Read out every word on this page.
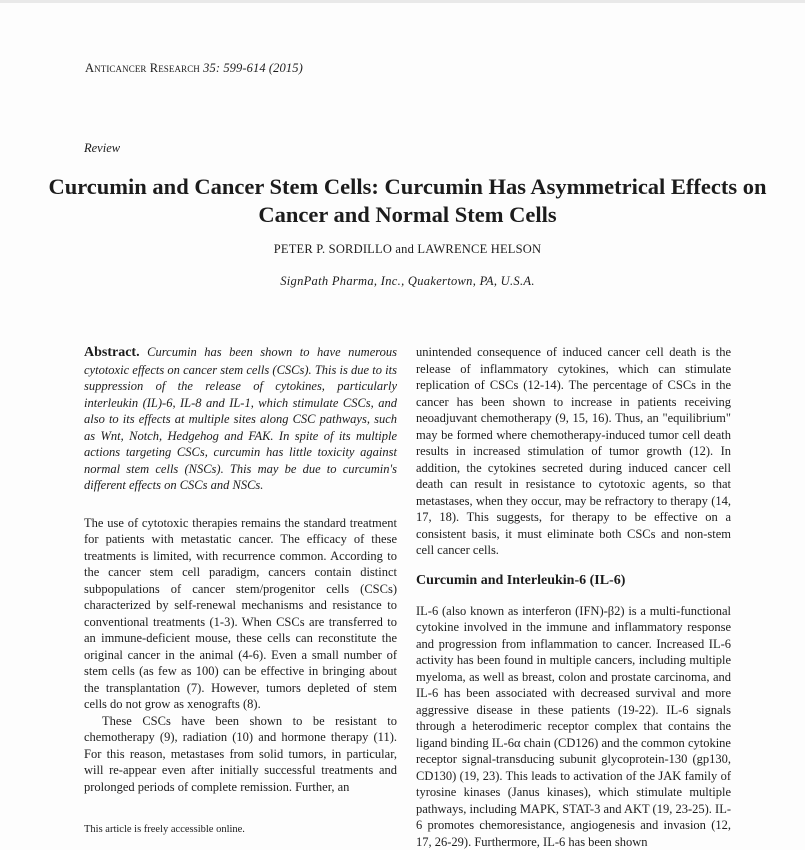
Anticancer Research 35: 599-614 (2015)
Review
Curcumin and Cancer Stem Cells: Curcumin Has Asymmetrical Effects on Cancer and Normal Stem Cells
PETER P. SORDILLO and LAWRENCE HELSON
SignPath Pharma, Inc., Quakertown, PA, U.S.A.
Abstract. Curcumin has been shown to have numerous cytotoxic effects on cancer stem cells (CSCs). This is due to its suppression of the release of cytokines, particularly interleukin (IL)-6, IL-8 and IL-1, which stimulate CSCs, and also to its effects at multiple sites along CSC pathways, such as Wnt, Notch, Hedgehog and FAK. In spite of its multiple actions targeting CSCs, curcumin has little toxicity against normal stem cells (NSCs). This may be due to curcumin's different effects on CSCs and NSCs.

The use of cytotoxic therapies remains the standard treatment for patients with metastatic cancer. The efficacy of these treatments is limited, with recurrence common. According to the cancer stem cell paradigm, cancers contain distinct subpopulations of cancer stem/progenitor cells (CSCs) characterized by self-renewal mechanisms and resistance to conventional treatments (1-3). When CSCs are transferred to an immune-deficient mouse, these cells can reconstitute the original cancer in the animal (4-6). Even a small number of stem cells (as few as 100) can be effective in bringing about the transplantation (7). However, tumors depleted of stem cells do not grow as xenografts (8).

These CSCs have been shown to be resistant to chemotherapy (9), radiation (10) and hormone therapy (11). For this reason, metastases from solid tumors, in particular, will re-appear even after initially successful treatments and prolonged periods of complete remission. Further, an

unintended consequence of induced cancer cell death is the release of inflammatory cytokines, which can stimulate replication of CSCs (12-14). The percentage of CSCs in the cancer has been shown to increase in patients receiving neoadjuvant chemotherapy (9, 15, 16). Thus, an "equilibrium" may be formed where chemotherapy-induced tumor cell death results in increased stimulation of tumor growth (12). In addition, the cytokines secreted during induced cancer cell death can result in resistance to cytotoxic agents, so that metastases, when they occur, may be refractory to therapy (14, 17, 18). This suggests, for therapy to be effective on a consistent basis, it must eliminate both CSCs and non-stem cell cancer cells.

Curcumin and Interleukin-6 (IL-6)

IL-6 (also known as interferon (IFN)-β2) is a multi-functional cytokine involved in the immune and inflammatory response and progression from inflammation to cancer. Increased IL-6 activity has been found in multiple cancers, including multiple myeloma, as well as breast, colon and prostate carcinoma, and IL-6 has been associated with decreased survival and more aggressive disease in these patients (19-22). IL-6 signals through a heterodimeric receptor complex that contains the ligand binding IL-6α chain (CD126) and the common cytokine receptor signal-transducing subunit glycoprotein-130 (gp130, CD130) (19, 23). This leads to activation of the JAK family of tyrosine kinases (Janus kinases), which stimulate multiple pathways, including MAPK, STAT-3 and AKT (19, 23-25). IL-6 promotes chemoresistance, angiogenesis and invasion (12, 17, 26-29). Furthermore, IL-6 has been shown

This article is freely accessible online.
